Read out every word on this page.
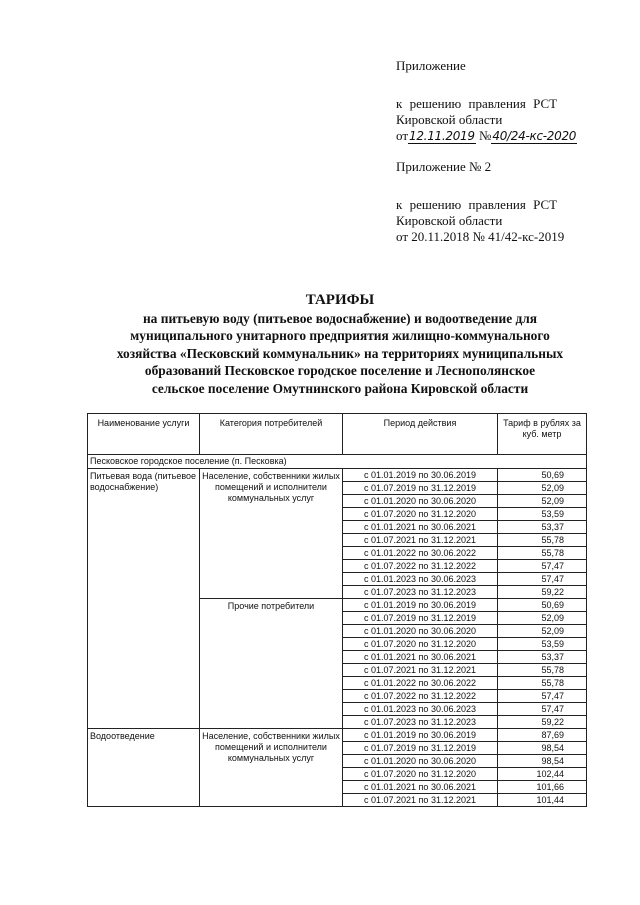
Приложение
к решению правления РСТ
Кировской области
от12.11.2019 №40/24-кс-2020
Приложение № 2
к решению правления РСТ
Кировской области
от 20.11.2018 № 41/42-кс-2019
ТАРИФЫ
на питьевую воду (питьевое водоснабжение) и водоотведение для
муниципального унитарного предприятия жилищно-коммунального
хозяйства «Песковский коммунальник» на территориях муниципальных
образований Песковское городское поселение и Леснополянское
сельское поселение Омутнинского района Кировской области
Наименование услуги	Категория потребителей	Период действия	Тариф в рублях за куб. метр
Песковское городское поселение (п. Песковка)			
Питьевая вода (питьевое водоснабжение)	Население, собственники жилых помещений и исполнители коммунальных услуг	с 01.01.2019 по 30.06.2019	50,69
		с 01.07.2019 по 31.12.2019	52,09
		с 01.01.2020 по 30.06.2020	52,09
		с 01.07.2020 по 31.12.2020	53,59
		с 01.01.2021 по 30.06.2021	53,37
		с 01.07.2021 по 31.12.2021	55,78
		с 01.01.2022 по 30.06.2022	55,78
		с 01.07.2022 по 31.12.2022	57,47
		с 01.01.2023 по 30.06.2023	57,47
		с 01.07.2023 по 31.12.2023	59,22
	Прочие потребители	с 01.01.2019 по 30.06.2019	50,69
		с 01.07.2019 по 31.12.2019	52,09
		с 01.01.2020 по 30.06.2020	52,09
		с 01.07.2020 по 31.12.2020	53,59
		с 01.01.2021 по 30.06.2021	53,37
		с 01.07.2021 по 31.12.2021	55,78
		с 01.01.2022 по 30.06.2022	55,78
		с 01.07.2022 по 31.12.2022	57,47
		с 01.01.2023 по 30.06.2023	57,47
		с 01.07.2023 по 31.12.2023	59,22
Водоотведение	Население, собственники жилых помещений и исполнители коммунальных услуг	с 01.01.2019 по 30.06.2019	87,69
		с 01.07.2019 по 31.12.2019	98,54
		с 01.01.2020 по 30.06.2020	98,54
		с 01.07.2020 по 31.12.2020	102,44
		с 01.01.2021 по 30.06.2021	101,66
		с 01.07.2021 по 31.12.2021	101,44
